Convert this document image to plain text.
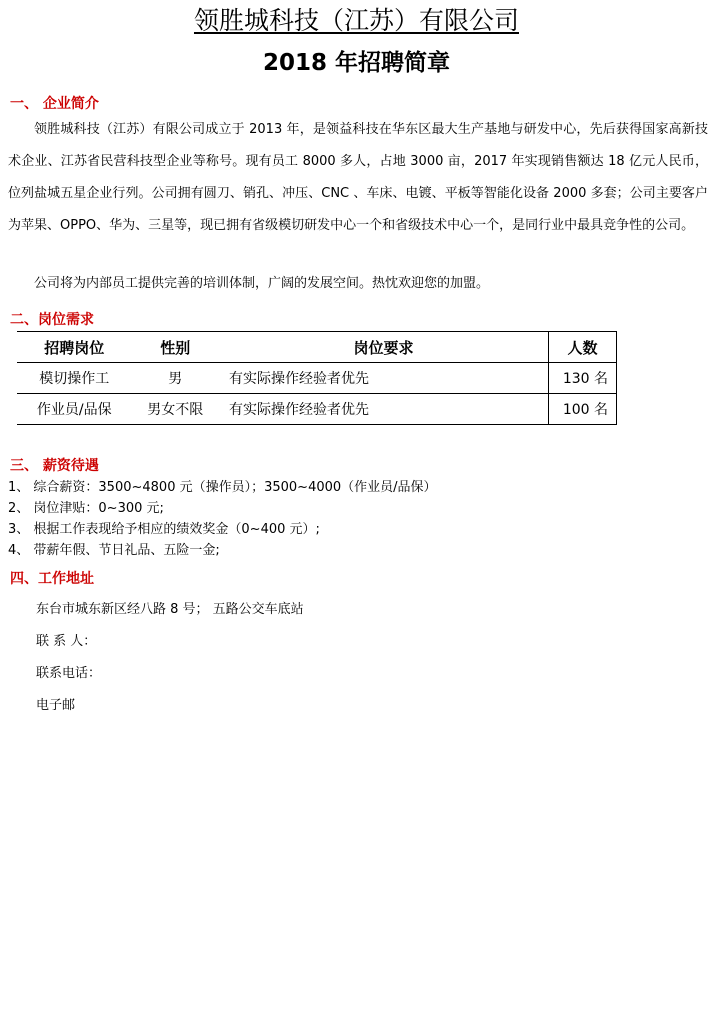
领胜城科技（江苏）有限公司
2018 年招聘简章
一、 企业简介
领胜城科技（江苏）有限公司成立于 2013 年，是领益科技在华东区最大生产基地与研发中心，先后获得国家高新技术企业、江苏省民营科技型企业等称号。现有员工 8000 多人，占地 3000 亩，2017 年实现销售额达 18 亿元人民币，位列盐城五星企业行列。公司拥有圆刀、销孔、冲压、CNC 、车床、电镀、平板等智能化设备 2000 多套；公司主要客户为苹果、OPPO、华为、三星等，现已拥有省级模切研发中心一个和省级技术中心一个，是同行业中最具竞争性的公司。
公司将为内部员工提供完善的培训体制，广阔的发展空间。热忱欢迎您的加盟。
二、岗位需求
招聘岗位	性别	岗位要求	人数
模切操作工	男	有实际操作经验者优先	130 名
作业员/品保	男女不限	有实际操作经验者优先	100 名
三、 薪资待遇
1、 综合薪资：3500~4800 元（操作员）；3500~4000（作业员/品保）
2、 岗位津贴：0~300 元;
3、 根据工作表现给予相应的绩效奖金（0~400 元）;
4、 带薪年假、节日礼品、五险一金;
四、工作地址
东台市城东新区经八路 8 号； 五路公交车底站
联 系 人：
联系电话：
电子邮
